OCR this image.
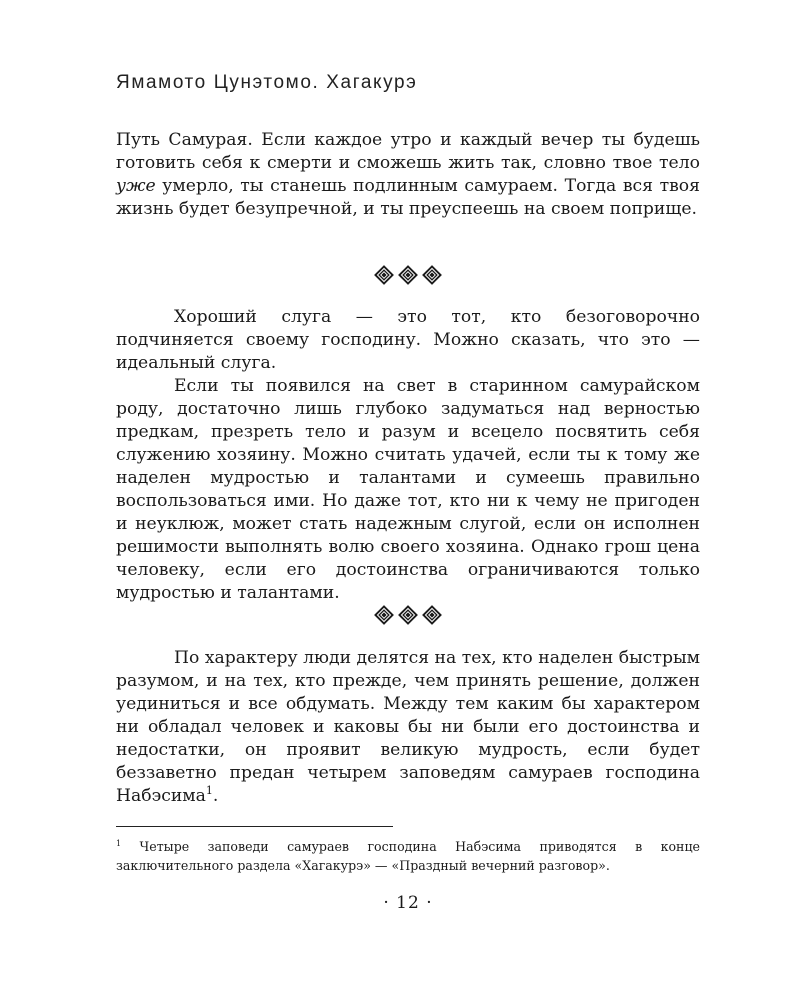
Ямамото Цунэтомо. Хагакурэ

Путь Самурая. Если каждое утро и каждый вечер ты будешь готовить себя к смерти и сможешь жить так, словно твое тело уже умерло, ты станешь подлинным самураем. Тогда вся твоя жизнь будет безупречной, и ты преуспеешь на своем поприще.

Хороший слуга — это тот, кто безоговорочно подчиняется своему господину. Можно сказать, что это — идеальный слуга.

Если ты появился на свет в старинном самурайском роду, достаточно лишь глубоко задуматься над верностью предкам, презреть тело и разум и всецело посвятить себя служению хозяину. Можно считать удачей, если ты к тому же наделен мудростью и талантами и сумеешь правильно воспользоваться ими. Но даже тот, кто ни к чему не пригоден и неуклюж, может стать надежным слугой, если он исполнен решимости выполнять волю своего хозяина. Однако грош цена человеку, если его достоинства ограничиваются только мудростью и талантами.

По характеру люди делятся на тех, кто наделен быстрым разумом, и на тех, кто прежде, чем принять решение, должен уединиться и все обдумать. Между тем каким бы характером ни обладал человек и каковы бы ни были его достоинства и недостатки, он проявит великую мудрость, если будет беззаветно предан четырем заповедям самураев господина Набэсима$^1$.

$^1$ Четыре заповеди самураев господина Набэсима приводятся в конце заключительного раздела «Хагакурэ» — «Праздный вечерний разговор».

· 12 ·
